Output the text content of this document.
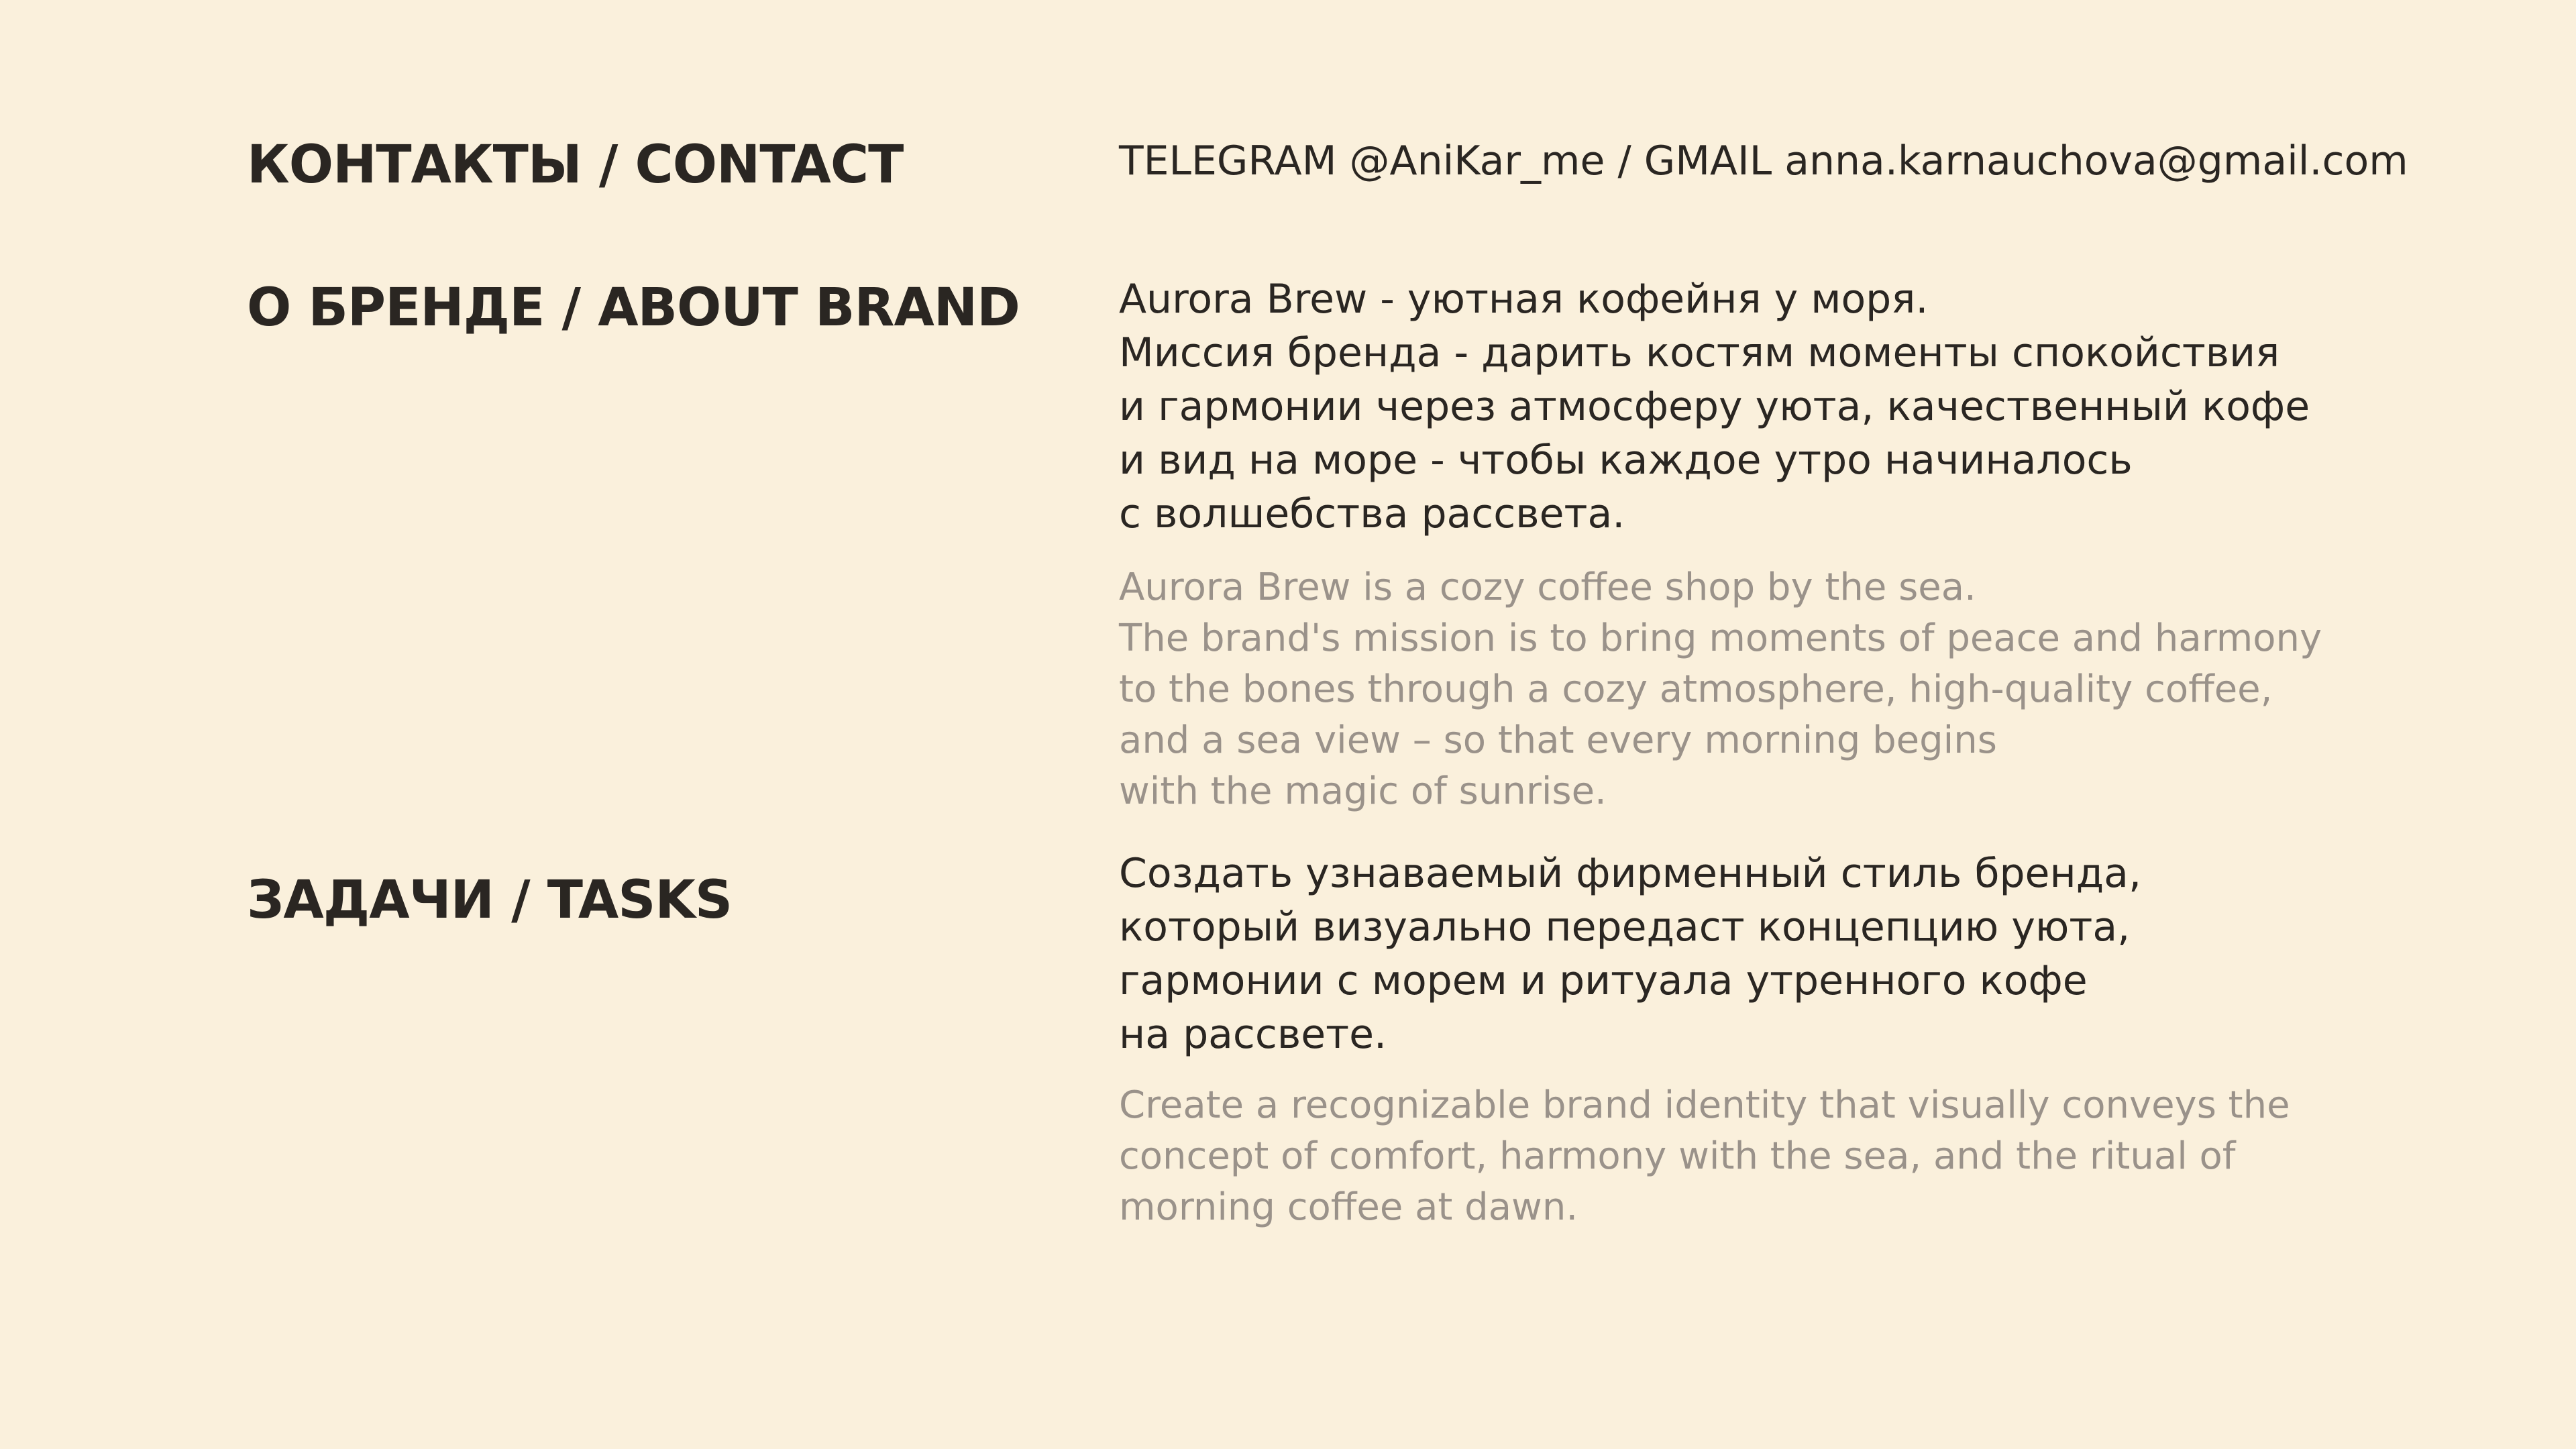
КОНТАКТЫ / CONTACT	TELEGRAM @AniKar_me / GMAIL anna.karnauchova@gmail.com

О БРЕНДЕ / ABOUT BRAND Aurora Brew - уютная кофейня у моря.
Миссия бренда - дарить костям моменты спокойствия
и гармонии через атмосферу уюта, качественный кофе
и вид на море - чтобы каждое утро начиналось
с волшебства рассвета.
Aurora Brew is a cozy coffee shop by the sea.
The brand's mission is to bring moments of peace and harmony
to the bones through a cozy atmosphere, high-quality coffee,
and a sea view – so that every morning begins
with the magic of sunrise.
ЗАДАЧИ / TASKS	Создать узнаваемый фирменный стиль бренда,
который визуально передаст концепцию уюта,
гармонии с морем и ритуала утренного кофе
на рассвете.
Create a recognizable brand identity that visually conveys the
concept of comfort, harmony with the sea, and the ritual of
morning coffee at dawn.
